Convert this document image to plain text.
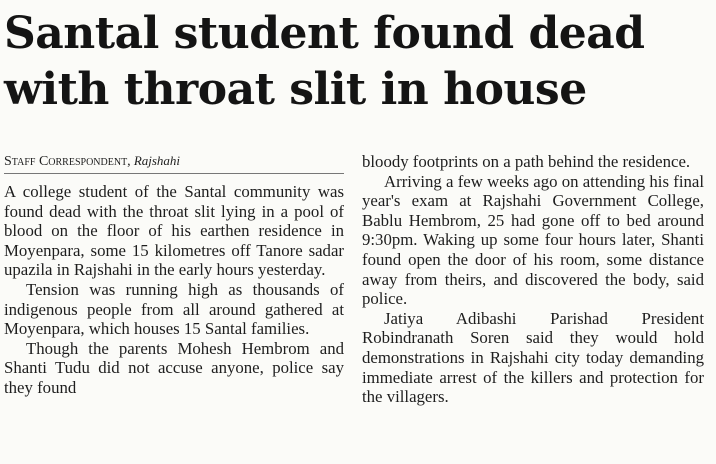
Santal student found dead
with throat slit in house
Staff Correspondent, Rajshahi

A college student of the Santal community was found dead with the throat slit lying in a pool of blood on the floor of his earthen residence in Moyenpara, some 15 kilometres off Tanore sadar upazila in Rajshahi in the early hours yesterday.

Tension was running high as thousands of indigenous people from all around gathered at Moyenpara, which houses 15 Santal families.

Though the parents Mohesh Hembrom and Shanti Tudu did not accuse anyone, police say they found

bloody footprints on a path behind the residence.

Arriving a few weeks ago on attending his final year's exam at Rajshahi Government College, Bablu Hembrom, 25 had gone off to bed around 9:30pm. Waking up some four hours later, Shanti found open the door of his room, some distance away from theirs, and discovered the body, said police.

Jatiya Adibashi Parishad President Robindranath Soren said they would hold demonstrations in Rajshahi city today demanding immediate arrest of the killers and protection for the villagers.
